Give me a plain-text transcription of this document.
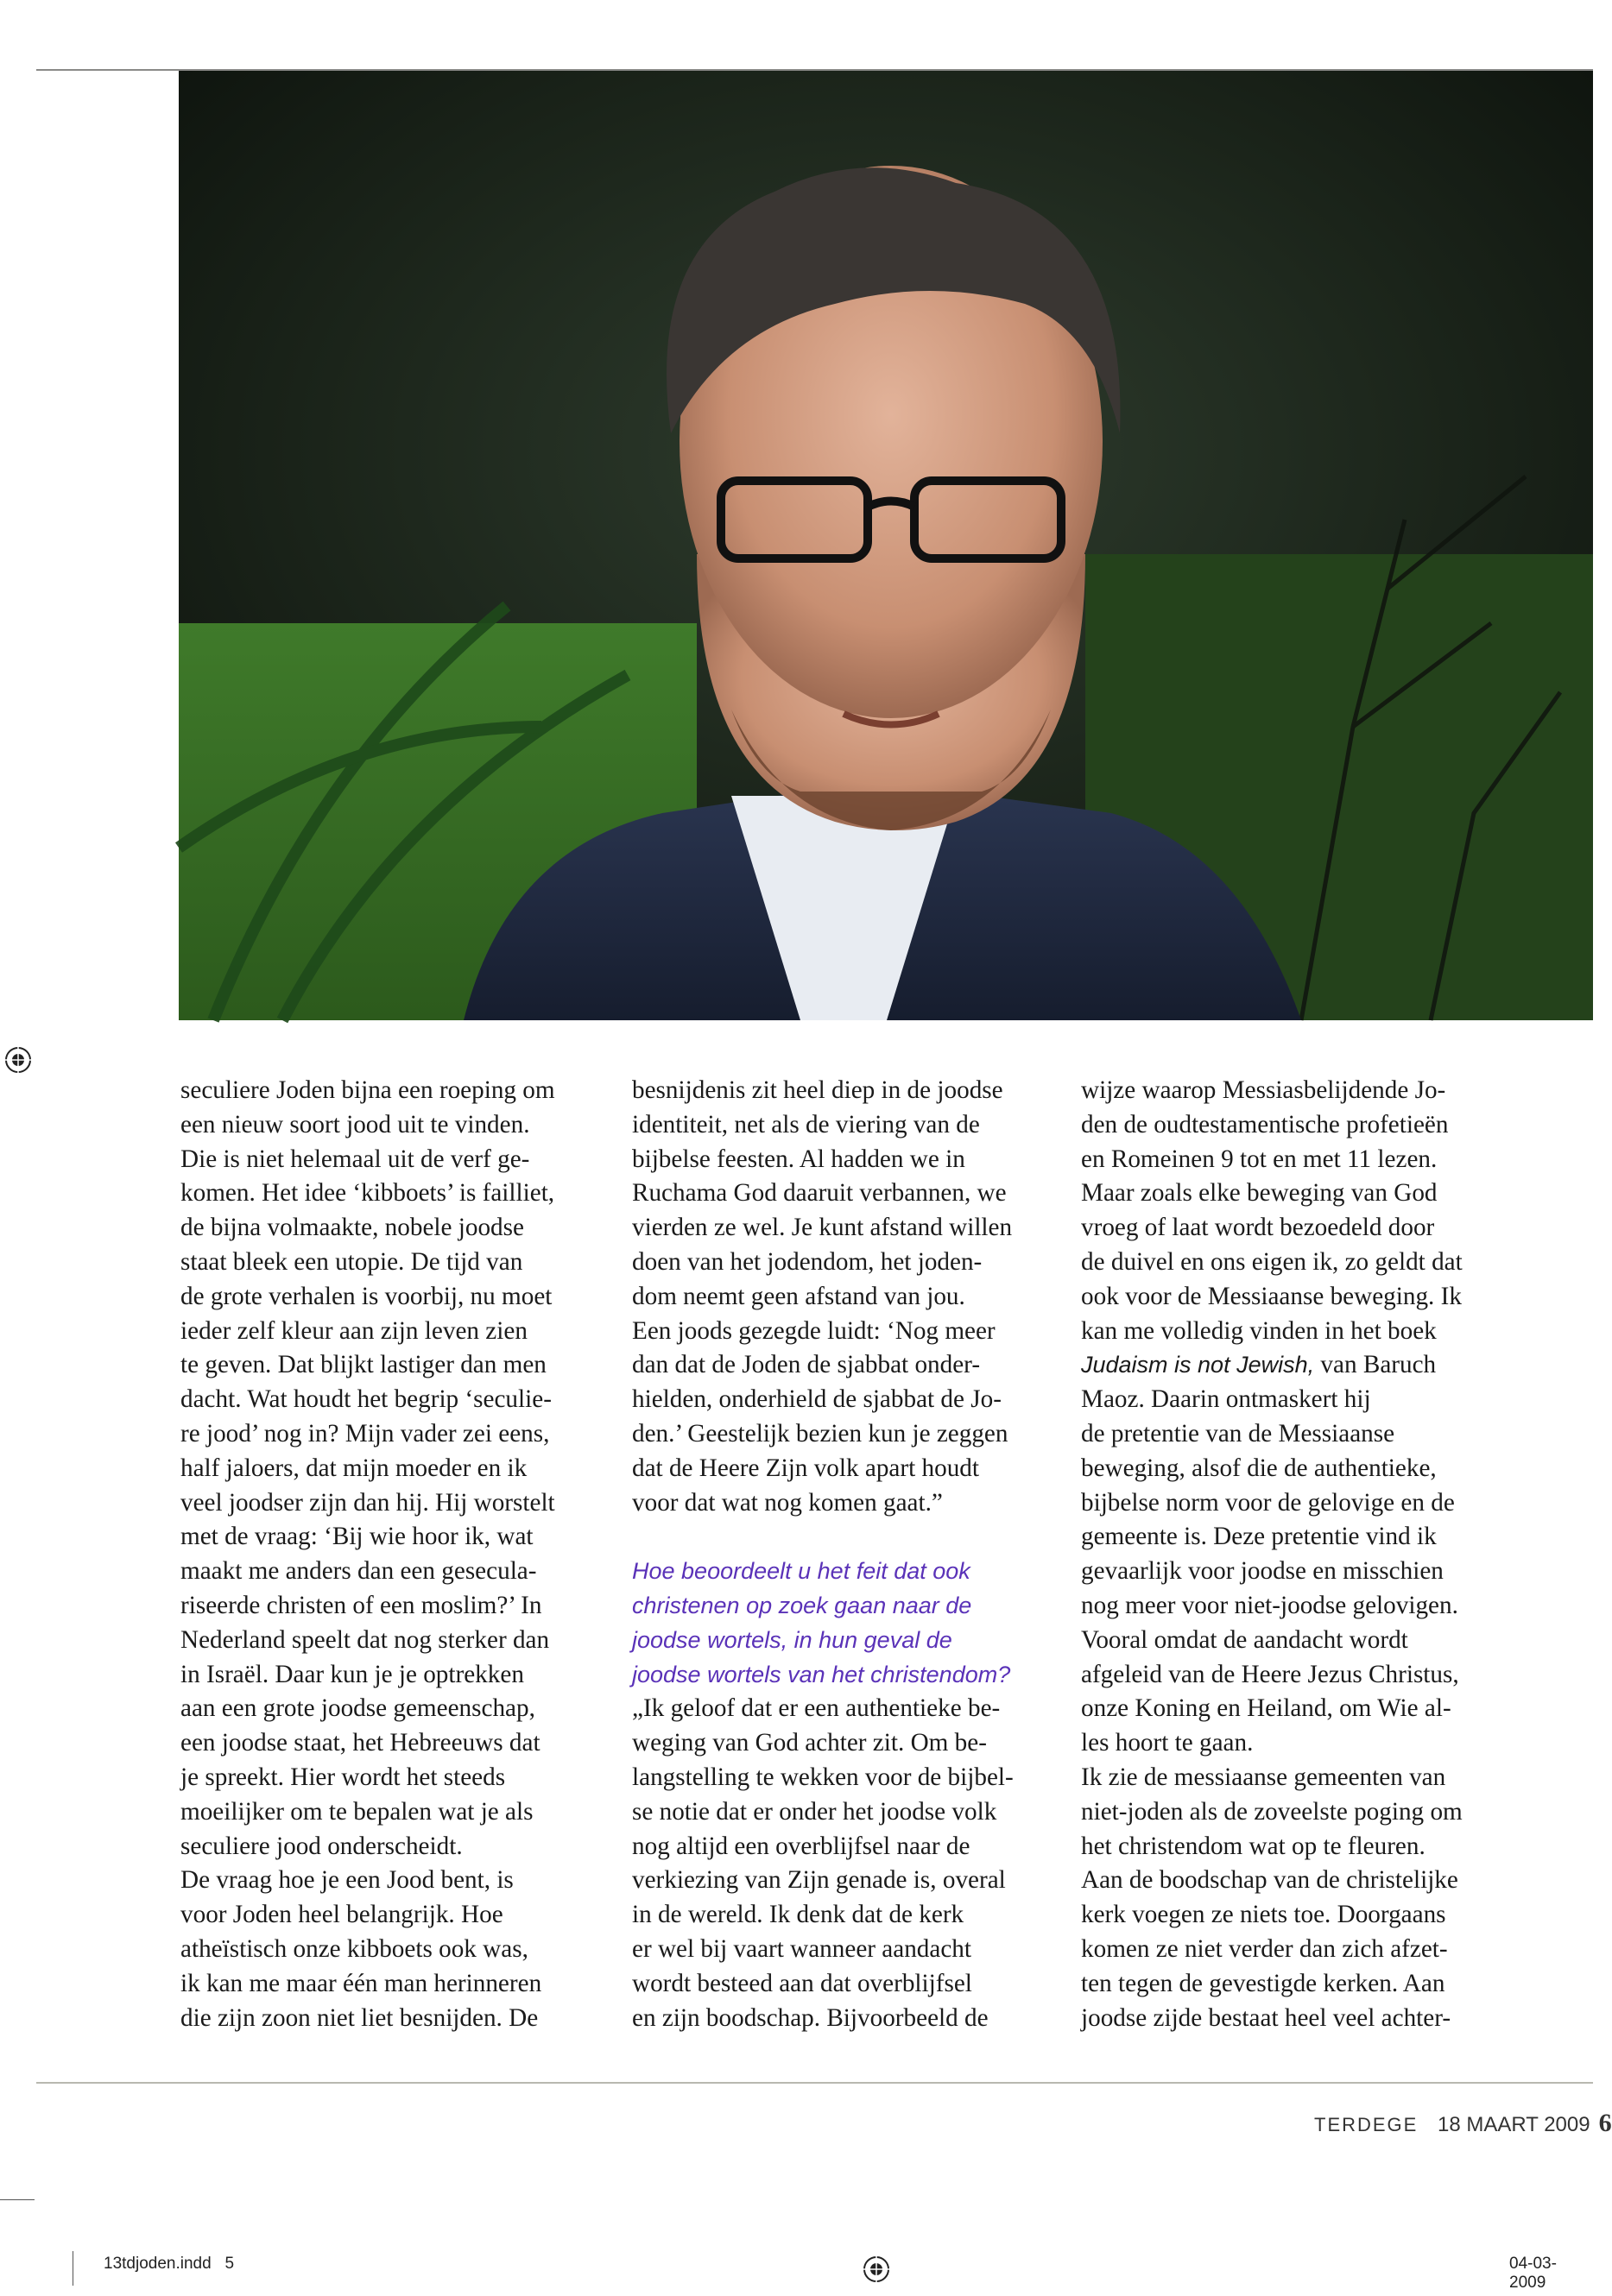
seculiere Joden bijna een roeping om
een nieuw soort jood uit te vinden.
Die is niet helemaal uit de verf ge-
komen. Het idee ‘kibboets’ is failliet,
de bijna volmaakte, nobele joodse
staat bleek een utopie. De tijd van
de grote verhalen is voorbij, nu moet
ieder zelf kleur aan zijn leven zien
te geven. Dat blijkt lastiger dan men
dacht. Wat houdt het begrip ‘seculie-
re jood’ nog in? Mijn vader zei eens,
half jaloers, dat mijn moeder en ik
veel joodser zijn dan hij. Hij worstelt
met de vraag: ‘Bij wie hoor ik, wat
maakt me anders dan een gesecula-
riseerde christen of een moslim?’ In
Nederland speelt dat nog sterker dan
in Israël. Daar kun je je optrekken
aan een grote joodse gemeenschap,
een joodse staat, het Hebreeuws dat
je spreekt. Hier wordt het steeds
moeilijker om te bepalen wat je als
seculiere jood onderscheidt.
De vraag hoe je een Jood bent, is
voor Joden heel belangrijk. Hoe
atheïstisch onze kibboets ook was,
ik kan me maar één man herinneren
die zijn zoon niet liet besnijden. De
besnijdenis zit heel diep in de joodse
identiteit, net als de viering van de
bijbelse feesten. Al hadden we in
Ruchama God daaruit verbannen, we
vierden ze wel. Je kunt afstand willen
doen van het jodendom, het joden-
dom neemt geen afstand van jou.
Een joods gezegde luidt: ‘Nog meer
dan dat de Joden de sjabbat onder-
hielden, onderhield de sjabbat de Jo-
den.’ Geestelijk bezien kun je zeggen
dat de Heere Zijn volk apart houdt
voor dat wat nog komen gaat.”

Hoe beoordeelt u het feit dat ook
christenen op zoek gaan naar de
joodse wortels, in hun geval de
joodse wortels van het christendom?
„Ik geloof dat er een authentieke be-
weging van God achter zit. Om be-
langstelling te wekken voor de bijbel-
se notie dat er onder het joodse volk
nog altijd een overblijfsel naar de
verkiezing van Zijn genade is, overal
in de wereld. Ik denk dat de kerk
er wel bij vaart wanneer aandacht
wordt besteed aan dat overblijfsel
en zijn boodschap. Bijvoorbeeld de
wijze waarop Messiasbelijdende Jo-
den de oudtestamentische profetieën
en Romeinen 9 tot en met 11 lezen.
Maar zoals elke beweging van God
vroeg of laat wordt bezoedeld door
de duivel en ons eigen ik, zo geldt dat
ook voor de Messiaanse beweging. Ik
kan me volledig vinden in het boek
Judaism is not Jewish, van Baruch
Maoz. Daarin ontmaskert hij
de pretentie van de Messiaanse
beweging, alsof die de authentieke,
bijbelse norm voor de gelovige en de
gemeente is. Deze pretentie vind ik
gevaarlijk voor joodse en misschien
nog meer voor niet-joodse gelovigen.
Vooral omdat de aandacht wordt
afgeleid van de Heere Jezus Christus,
onze Koning en Heiland, om Wie al-
les hoort te gaan.
Ik zie de messiaanse gemeenten van
niet-joden als de zoveelste poging om
het christendom wat op te fleuren.
Aan de boodschap van de christelijke
kerk voegen ze niets toe. Doorgaans
komen ze niet verder dan zich afzet-
ten tegen de gevestigde kerken. Aan
joodse zijde bestaat heel veel achter-
TERDEGE 18 MAART 2009 6
13tdjoden.indd   5	04-03-2009
